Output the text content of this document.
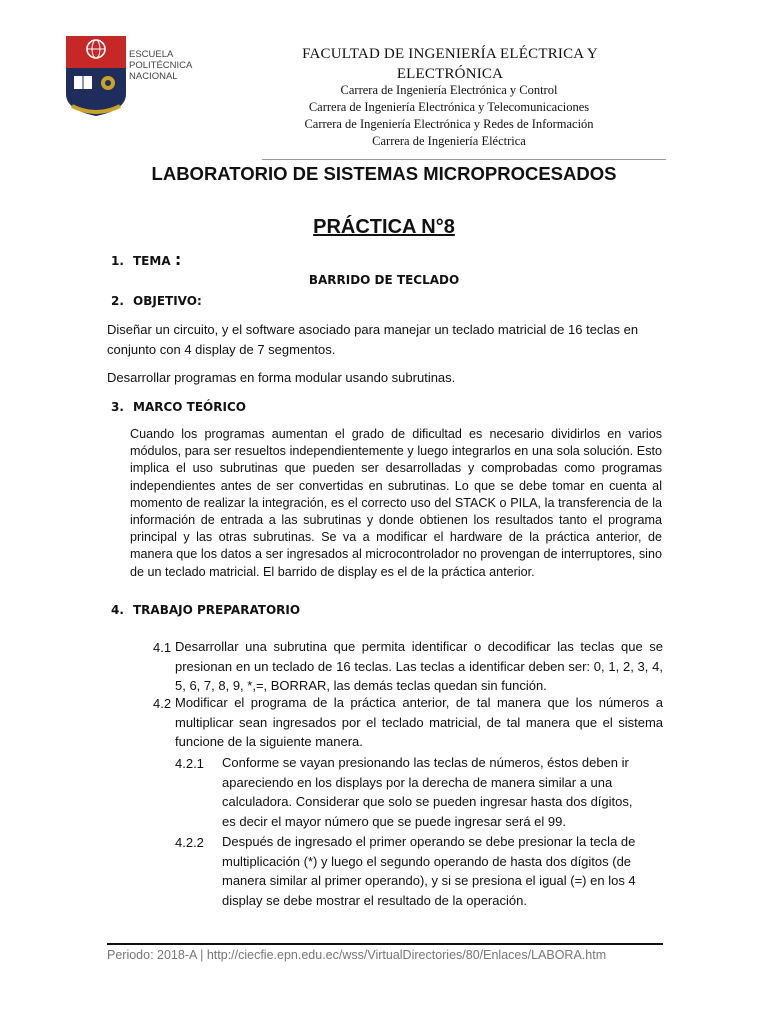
ESCUELA
POLITÉCNICA
NACIONAL
FACULTAD DE INGENIERÍA ELÉCTRICA Y ELECTRÓNICA
Carrera de Ingeniería Electrónica y Control
Carrera de Ingeniería Electrónica y Telecomunicaciones
Carrera de Ingeniería Electrónica y Redes de Información
Carrera de Ingeniería Eléctrica
LABORATORIO DE SISTEMAS MICROPROCESADOS
PRÁCTICA N°8
1. TEMA :
BARRIDO DE TECLADO
2. OBJETIVO:
Diseñar un circuito, y el software asociado para manejar un teclado matricial de 16 teclas en conjunto con 4 display de 7 segmentos.
Desarrollar programas en forma modular usando subrutinas.
3. MARCO TEÓRICO
Cuando los programas aumentan el grado de dificultad es necesario dividirlos en varios módulos, para ser resueltos independientemente y luego integrarlos en una sola solución. Esto implica el uso subrutinas que pueden ser desarrolladas y comprobadas como programas independientes antes de ser convertidas en subrutinas. Lo que se debe tomar en cuenta al momento de realizar la integración, es el correcto uso del STACK o PILA, la transferencia de la información de entrada a las subrutinas y donde obtienen los resultados tanto el programa principal y las otras subrutinas. Se va a modificar el hardware de la práctica anterior, de manera que los datos a ser ingresados al microcontrolador no provengan de interruptores, sino de un teclado matricial. El barrido de display es el de la práctica anterior.
4. TRABAJO PREPARATORIO
4.1 Desarrollar una subrutina que permita identificar o decodificar las teclas que se presionan en un teclado de 16 teclas. Las teclas a identificar deben ser: 0, 1, 2, 3, 4, 5, 6, 7, 8, 9, *,=, BORRAR, las demás teclas quedan sin función.
4.2 Modificar el programa de la práctica anterior, de tal manera que los números a multiplicar sean ingresados por el teclado matricial, de tal manera que el sistema funcione de la siguiente manera.
4.2.1 Conforme se vayan presionando las teclas de números, éstos deben ir apareciendo en los displays por la derecha de manera similar a una calculadora. Considerar que solo se pueden ingresar hasta dos dígitos, es decir el mayor número que se puede ingresar será el 99.
4.2.2 Después de ingresado el primer operando se debe presionar la tecla de multiplicación (*) y luego el segundo operando de hasta dos dígitos (de manera similar al primer operando), y si se presiona el igual (=) en los 4 display se debe mostrar el resultado de la operación.
Periodo: 2018-A | http://ciecfie.epn.edu.ec/wss/VirtualDirectories/80/Enlaces/LABORA.htm
